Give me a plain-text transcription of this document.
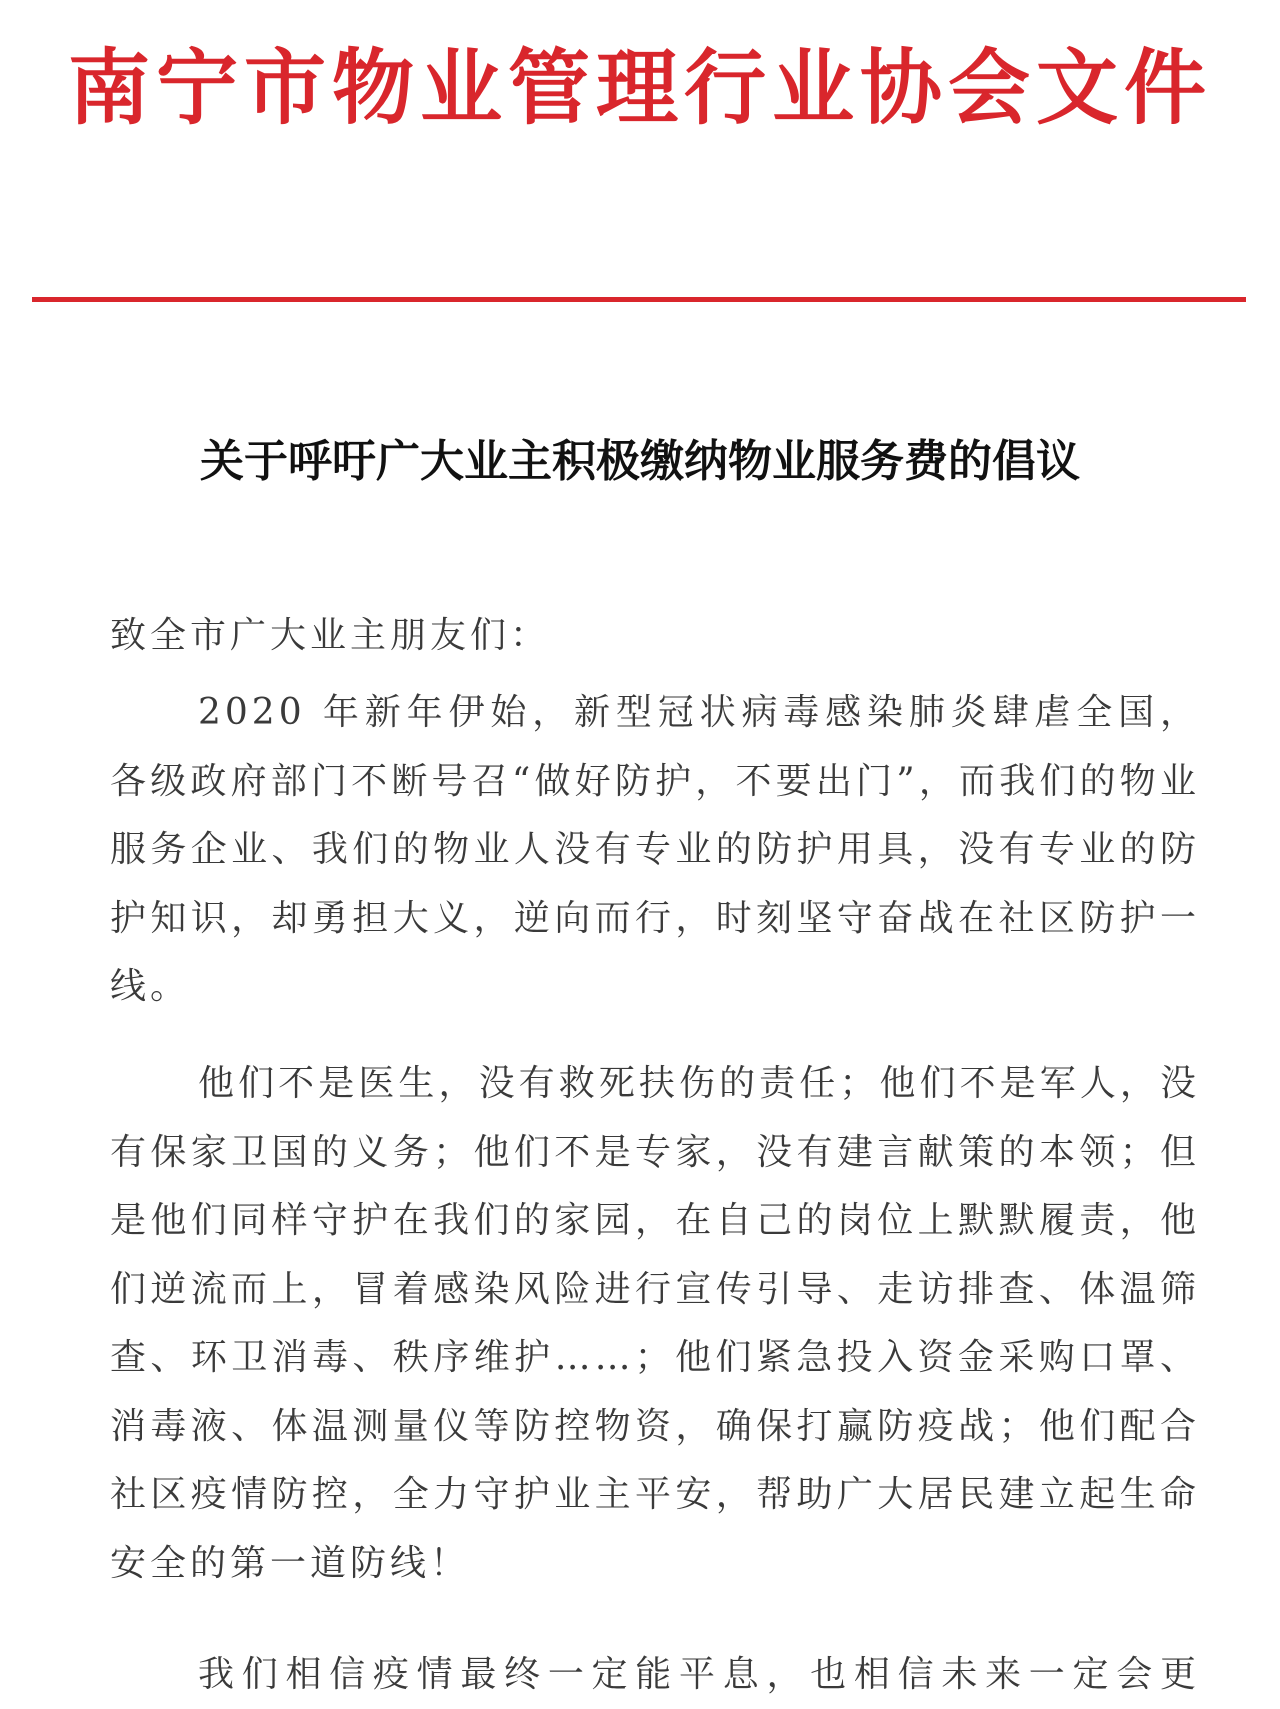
南宁市物业管理行业协会文件
关于呼吁广大业主积极缴纳物业服务费的倡议

致全市广大业主朋友们：

2020 年新年伊始，新型冠状病毒感染肺炎肆虐全国，各级政府部门不断号召“做好防护，不要出门”，而我们的物业服务企业、我们的物业人没有专业的防护用具，没有专业的防护知识，却勇担大义，逆向而行，时刻坚守奋战在社区防护一线。

他们不是医生，没有救死扶伤的责任；他们不是军人，没有保家卫国的义务；他们不是专家，没有建言献策的本领；但是他们同样守护在我们的家园，在自己的岗位上默默履责，他们逆流而上，冒着感染风险进行宣传引导、走访排查、体温筛查、环卫消毒、秩序维护……；他们紧急投入资金采购口罩、消毒液、体温测量仪等防控物资，确保打赢防疫战；他们配合社区疫情防控，全力守护业主平安，帮助广大居民建立起生命安全的第一道防线！

我们相信疫情最终一定能平息，也相信未来一定会更
